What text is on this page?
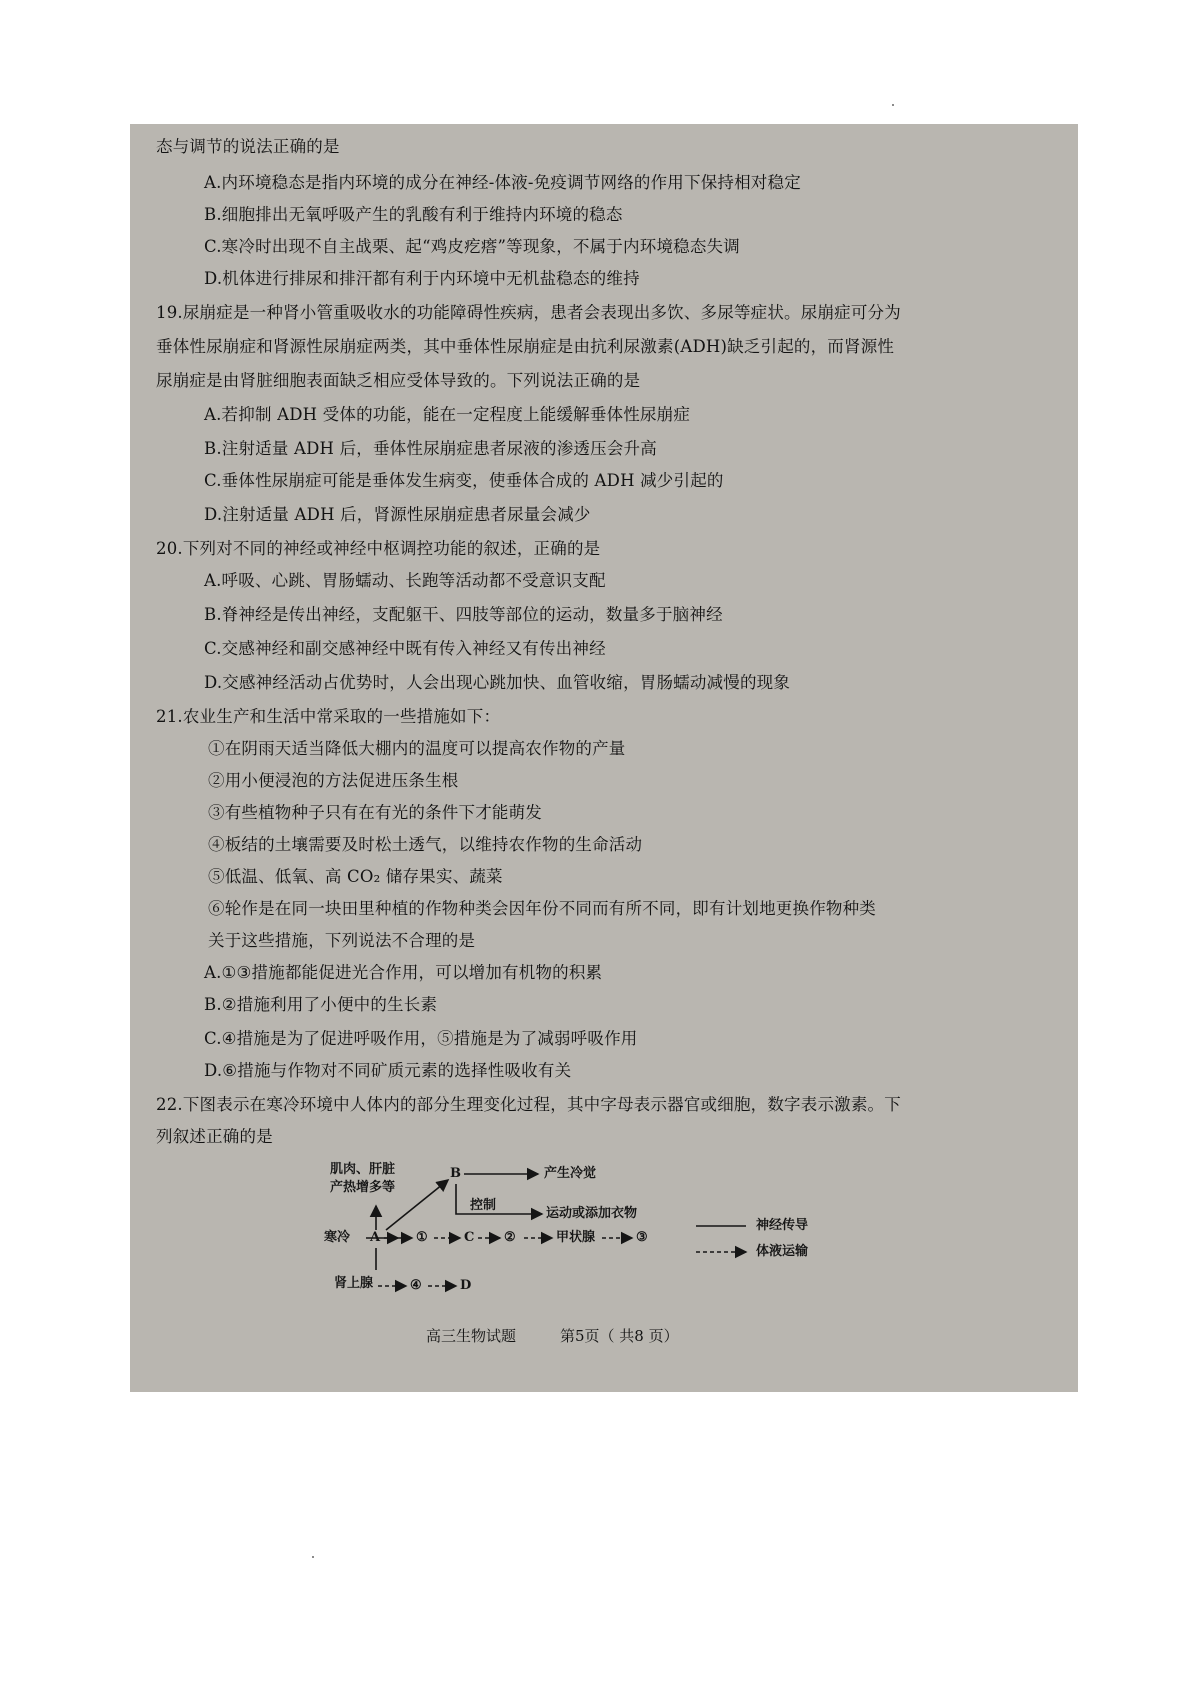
态与调节的说法正确的是
A.内环境稳态是指内环境的成分在神经-体液-免疫调节网络的作用下保持相对稳定
B.细胞排出无氧呼吸产生的乳酸有利于维持内环境的稳态
C.寒冷时出现不自主战栗、起“鸡皮疙瘩”等现象，不属于内环境稳态失调
D.机体进行排尿和排汗都有利于内环境中无机盐稳态的维持
19.尿崩症是一种肾小管重吸收水的功能障碍性疾病，患者会表现出多饮、多尿等症状。尿崩症可分为
垂体性尿崩症和肾源性尿崩症两类，其中垂体性尿崩症是由抗利尿激素(ADH)缺乏引起的，而肾源性
尿崩症是由肾脏细胞表面缺乏相应受体导致的。下列说法正确的是
A.若抑制 ADH 受体的功能，能在一定程度上能缓解垂体性尿崩症
B.注射适量 ADH 后，垂体性尿崩症患者尿液的渗透压会升高
C.垂体性尿崩症可能是垂体发生病变，使垂体合成的 ADH 减少引起的
D.注射适量 ADH 后，肾源性尿崩症患者尿量会减少
20.下列对不同的神经或神经中枢调控功能的叙述，正确的是
A.呼吸、心跳、胃肠蠕动、长跑等活动都不受意识支配
B.脊神经是传出神经，支配躯干、四肢等部位的运动，数量多于脑神经
C.交感神经和副交感神经中既有传入神经又有传出神经
D.交感神经活动占优势时，人会出现心跳加快、血管收缩，胃肠蠕动减慢的现象
21.农业生产和生活中常采取的一些措施如下：
①在阴雨天适当降低大棚内的温度可以提高农作物的产量
②用小便浸泡的方法促进压条生根
③有些植物种子只有在有光的条件下才能萌发
④板结的土壤需要及时松土透气，以维持农作物的生命活动
⑤低温、低氧、高 CO₂ 储存果实、蔬菜
⑥轮作是在同一块田里种植的作物种类会因年份不同而有所不同，即有计划地更换作物种类
关于这些措施，下列说法不合理的是
A.①③措施都能促进光合作用，可以增加有机物的积累
B.②措施利用了小便中的生长素
C.④措施是为了促进呼吸作用，⑤措施是为了减弱呼吸作用
D.⑥措施与作物对不同矿质元素的选择性吸收有关
22.下图表示在寒冷环境中人体内的部分生理变化过程，其中字母表示器官或细胞，数字表示激素。下
列叙述正确的是
高三生物试题	第5页（ 共8 页）
肌肉、肝脏
产热增多等
B	产生冷觉
控制
运动或添加衣物
寒冷 A	①	C ②	甲状腺	③
肾上腺	④	D
神经传导
体液运输
